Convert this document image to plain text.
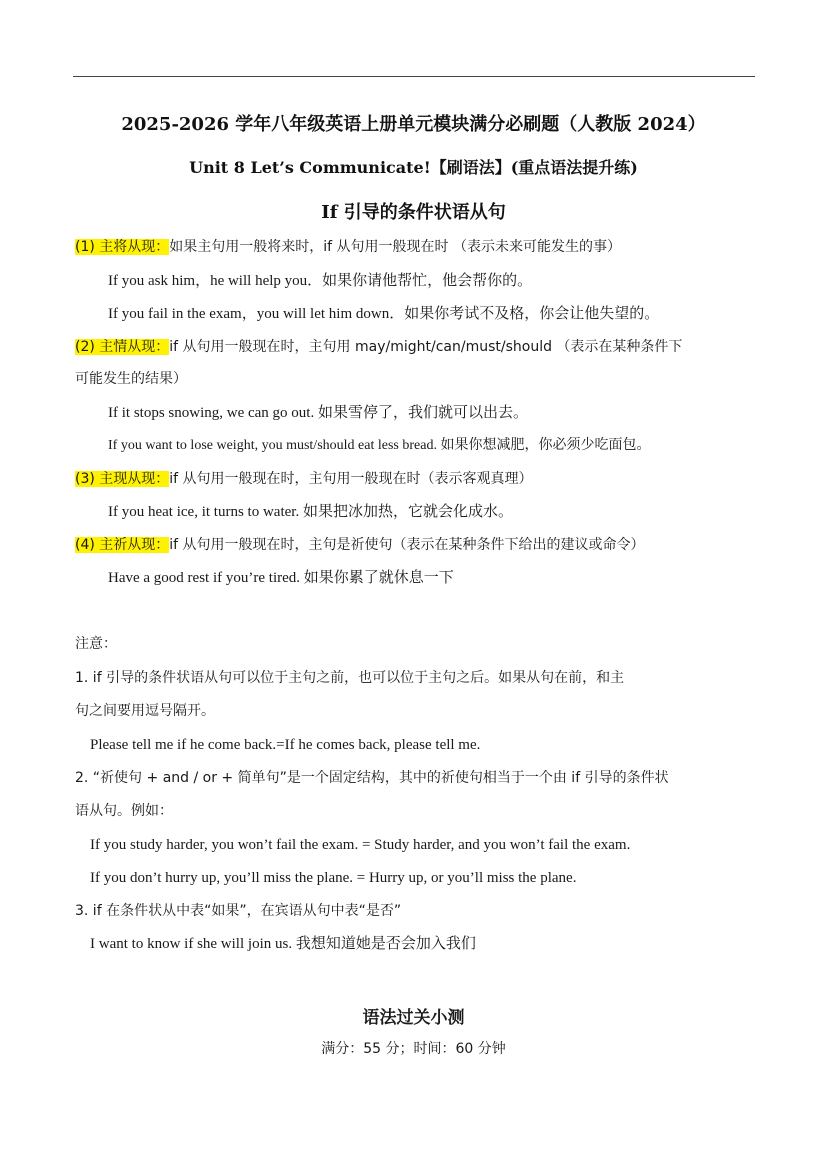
2025-2026 学年八年级英语上册单元模块满分必刷题（人教版 2024）
Unit 8 Let’s Communicate!【刷语法】(重点语法提升练)
If 引导的条件状语从句
(1) 主将从现：如果主句用一般将来时，if 从句用一般现在时 （表示未来可能发生的事）
If you ask him，he will help you．如果你请他帮忙，他会帮你的。
If you fail in the exam，you will let him down．如果你考试不及格，你会让他失望的。
(2) 主情从现：if 从句用一般现在时，主句用 may/might/can/must/should （表示在某种条件下
可能发生的结果）
If it stops snowing, we can go out. 如果雪停了，我们就可以出去。
If you want to lose weight, you must/should eat less bread. 如果你想减肥，你必须少吃面包。
(3) 主现从现：if 从句用一般现在时，主句用一般现在时（表示客观真理）
If you heat ice, it turns to water. 如果把冰加热，它就会化成水。
(4) 主祈从现：if 从句用一般现在时，主句是祈使句（表示在某种条件下给出的建议或命令）
Have a good rest if you’re tired. 如果你累了就休息一下
注意：
1. if 引导的条件状语从句可以位于主句之前，也可以位于主句之后。如果从句在前，和主
句之间要用逗号隔开。
Please tell me if he come back.=If he comes back, please tell me.
2. “祈使句 + and / or + 简单句”是一个固定结构，其中的祈使句相当于一个由 if 引导的条件状
语从句。例如：
If you study harder, you won’t fail the exam. = Study harder, and you won’t fail the exam.
If you don’t hurry up, you’ll miss the plane. = Hurry up, or you’ll miss the plane.
3. if 在条件状从中表“如果”，在宾语从句中表“是否”
I want to know if she will join us. 我想知道她是否会加入我们
语法过关小测
满分：55 分；时间：60 分钟
